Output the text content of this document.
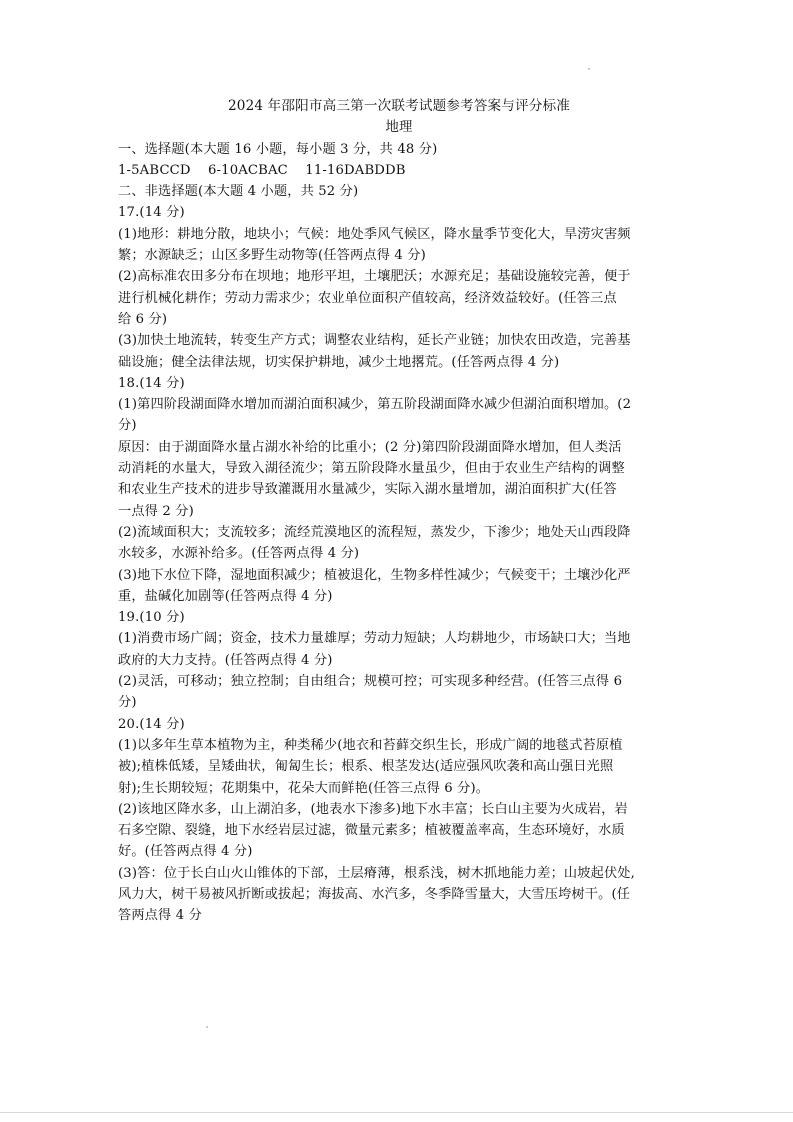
2024 年邵阳市高三第一次联考试题参考答案与评分标准
地理
一、选择题(本大题 16 小题，每小题 3 分，共 48 分)
1-5ABCCD    6-10ACBAC    11-16DABDDB
二、非选择题(本大题 4 小题，共 52 分)
17.(14 分)
(1)地形：耕地分散，地块小；气候：地处季风气候区，降水量季节变化大，旱涝灾害频
繁；水源缺乏；山区多野生动物等(任答两点得 4 分)
(2)高标准农田多分布在坝地；地形平坦，土壤肥沃；水源充足；基础设施较完善，便于
进行机械化耕作；劳动力需求少；农业单位面积产值较高，经济效益较好。(任答三点
给 6 分)
(3)加快土地流转，转变生产方式；调整农业结构，延长产业链；加快农田改造，完善基
础设施；健全法律法规，切实保护耕地，减少土地撂荒。(任答两点得 4 分)
18.(14 分)
(1)第四阶段湖面降水增加而湖泊面积减少，第五阶段湖面降水减少但湖泊面积增加。(2
分)
原因：由于湖面降水量占湖水补给的比重小；(2 分)第四阶段湖面降水增加，但人类活
动消耗的水量大，导致入湖径流少；第五阶段降水量虽少，但由于农业生产结构的调整
和农业生产技术的进步导致灌溉用水量减少，实际入湖水量增加，湖泊面积扩大(任答
一点得 2 分)
(2)流域面积大；支流较多；流经荒漠地区的流程短，蒸发少，下渗少；地处天山西段降
水较多，水源补给多。(任答两点得 4 分)
(3)地下水位下降，湿地面积减少；植被退化，生物多样性减少；气候变干；土壤沙化严
重，盐碱化加剧等(任答两点得 4 分)
19.(10 分)
(1)消费市场广阔；资金，技术力量雄厚；劳动力短缺；人均耕地少，市场缺口大；当地
政府的大力支持。(任答两点得 4 分)
(2)灵活，可移动；独立控制；自由组合；规模可控；可实现多种经营。(任答三点得 6
分)
20.(14 分)
(1)以多年生草本植物为主，种类稀少(地衣和苔藓交织生长，形成广阔的地毯式苔原植
被);植株低矮，呈矮曲状，匍匐生长；根系、根茎发达(适应强风吹袭和高山强日光照
射);生长期较短；花期集中，花朵大而鲜艳(任答三点得 6 分)。
(2)该地区降水多，山上湖泊多，(地表水下渗多)地下水丰富；长白山主要为火成岩，岩
石多空隙、裂缝，地下水经岩层过滤，微量元素多；植被覆盖率高，生态环境好，水质
好。(任答两点得 4 分)
(3)答：位于长白山火山锥体的下部，土层瘠薄，根系浅，树木抓地能力差；山坡起伏处,
风力大，树干易被风折断或拔起；海拔高、水汽多，冬季降雪量大，大雪压垮树干。(任
答两点得 4 分
